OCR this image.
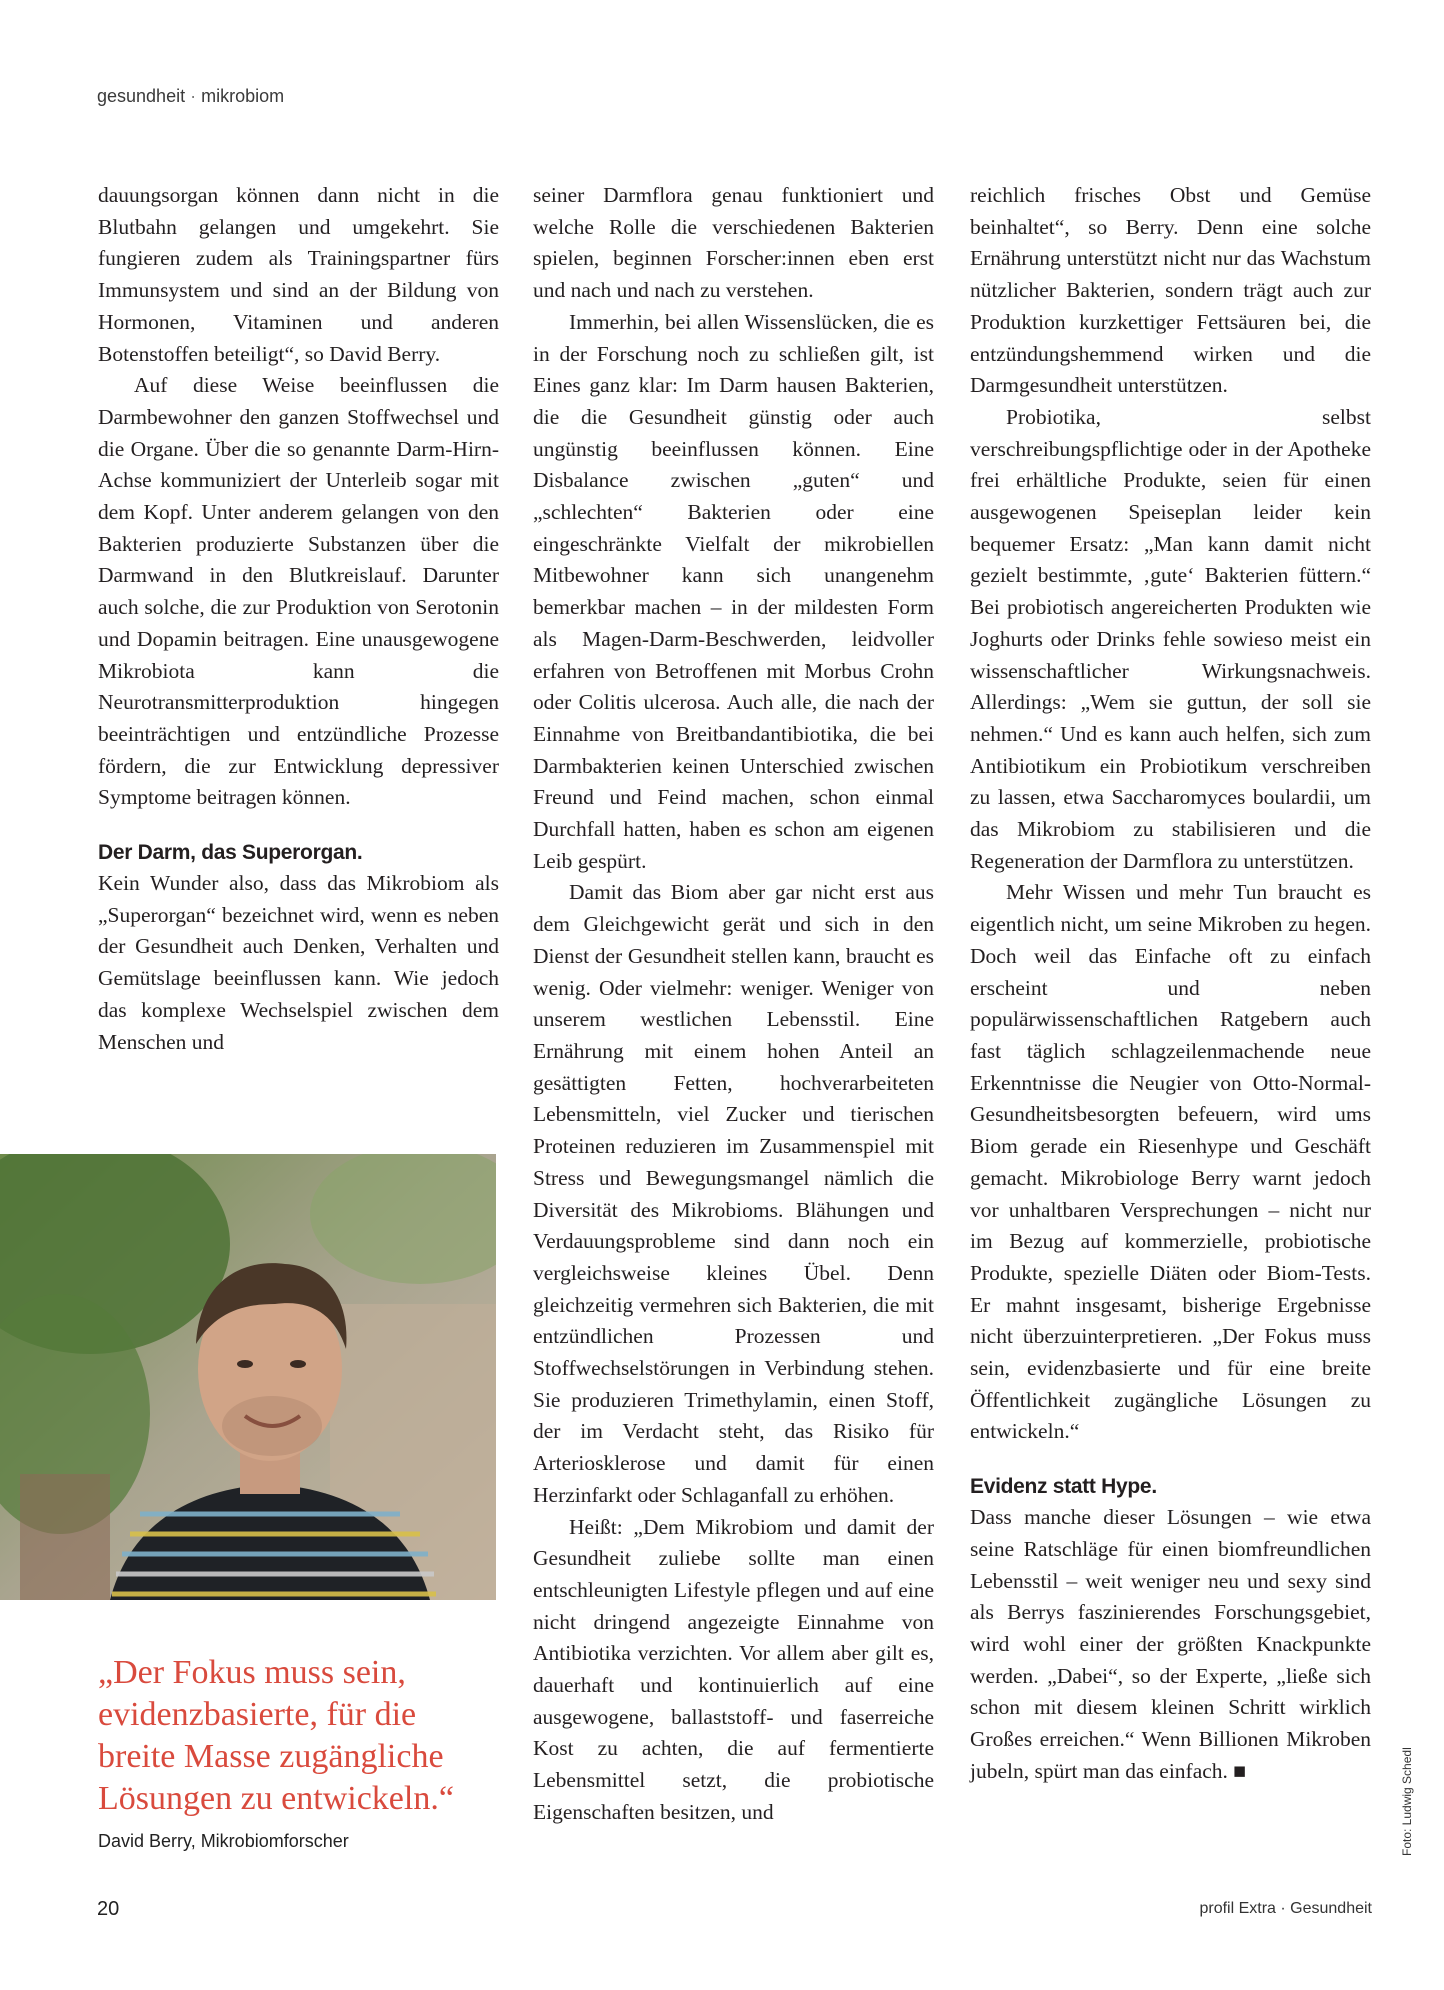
gesundheit · mikrobiom

dauungsorgan können dann nicht in die Blutbahn gelangen und umgekehrt. Sie fungieren zudem als Trainingspartner fürs Immunsystem und sind an der Bildung von Hormonen, Vitaminen und anderen Botenstoffen beteiligt“, so David Berry.

Auf diese Weise beeinflussen die Darmbewohner den ganzen Stoffwechsel und die Organe. Über die so genannte Darm-Hirn-Achse kommuniziert der Unterleib sogar mit dem Kopf. Unter anderem gelangen von den Bakterien produzierte Substanzen über die Darmwand in den Blutkreislauf. Darunter auch solche, die zur Produktion von Serotonin und Dopamin beitragen. Eine unausgewogene Mikrobiota kann die Neurotransmitterproduktion hingegen beeinträchtigen und entzündliche Prozesse fördern, die zur Entwicklung depressiver Symptome beitragen können.

Der Darm, das Superorgan.

Kein Wunder also, dass das Mikrobiom als „Superorgan“ bezeichnet wird, wenn es neben der Gesundheit auch Denken, Verhalten und Gemütslage beeinflussen kann. Wie jedoch das komplexe Wechselspiel zwischen dem Menschen und

seiner Darmflora genau funktioniert und welche Rolle die verschiedenen Bakterien spielen, beginnen Forscher:innen eben erst und nach und nach zu verstehen.

Immerhin, bei allen Wissenslücken, die es in der Forschung noch zu schließen gilt, ist Eines ganz klar: Im Darm hausen Bakterien, die die Gesundheit günstig oder auch ungünstig beeinflussen können. Eine Disbalance zwischen „guten“ und „schlechten“ Bakterien oder eine eingeschränkte Vielfalt der mikrobiellen Mitbewohner kann sich unangenehm bemerkbar machen – in der mildesten Form als Magen-Darm-Beschwerden, leidvoller erfahren von Betroffenen mit Morbus Crohn oder Colitis ulcerosa. Auch alle, die nach der Einnahme von Breitbandantibiotika, die bei Darmbakterien keinen Unterschied zwischen Freund und Feind machen, schon einmal Durchfall hatten, haben es schon am eigenen Leib gespürt.

Damit das Biom aber gar nicht erst aus dem Gleichgewicht gerät und sich in den Dienst der Gesundheit stellen kann, braucht es wenig. Oder vielmehr: weniger. Weniger von unserem westlichen Lebensstil. Eine Ernährung mit einem hohen Anteil an gesättigten Fetten, hochverarbeiteten Lebensmitteln, viel Zucker und tierischen Proteinen reduzieren im Zusammenspiel mit Stress und Bewegungsmangel nämlich die Diversität des Mikrobioms. Blähungen und Verdauungsprobleme sind dann noch ein vergleichsweise kleines Übel. Denn gleichzeitig vermehren sich Bakterien, die mit entzündlichen Prozessen und Stoffwechselstörungen in Verbindung stehen. Sie produzieren Trimethylamin, einen Stoff, der im Verdacht steht, das Risiko für Arteriosklerose und damit für einen Herzinfarkt oder Schlaganfall zu erhöhen.

Heißt: „Dem Mikrobiom und damit der Gesundheit zuliebe sollte man einen entschleunigten Lifestyle pflegen und auf eine nicht dringend angezeigte Einnahme von Antibiotika verzichten. Vor allem aber gilt es, dauerhaft und kontinuierlich auf eine ausgewogene, ballaststoff- und faserreiche Kost zu achten, die auf fermentierte Lebensmittel setzt, die probiotische Eigenschaften besitzen, und

reichlich frisches Obst und Gemüse beinhaltet“, so Berry. Denn eine solche Ernährung unterstützt nicht nur das Wachstum nützlicher Bakterien, sondern trägt auch zur Produktion kurzkettiger Fettsäuren bei, die entzündungshemmend wirken und die Darmgesundheit unterstützen.

Probiotika, selbst verschreibungspflichtige oder in der Apotheke frei erhältliche Produkte, seien für einen ausgewogenen Speiseplan leider kein bequemer Ersatz: „Man kann damit nicht gezielt bestimmte, ‚gute‘ Bakterien füttern.“ Bei probiotisch angereicherten Produkten wie Joghurts oder Drinks fehle sowieso meist ein wissenschaftlicher Wirkungsnachweis. Allerdings: „Wem sie guttun, der soll sie nehmen.“ Und es kann auch helfen, sich zum Antibiotikum ein Probiotikum verschreiben zu lassen, etwa Saccharomyces boulardii, um das Mikrobiom zu stabilisieren und die Regeneration der Darmflora zu unterstützen.

Mehr Wissen und mehr Tun braucht es eigentlich nicht, um seine Mikroben zu hegen. Doch weil das Einfache oft zu einfach erscheint und neben populärwissenschaftlichen Ratgebern auch fast täglich schlagzeilenmachende neue Erkenntnisse die Neugier von Otto-Normal-Gesundheitsbesorgten befeuern, wird ums Biom gerade ein Riesenhype und Geschäft gemacht. Mikrobiologe Berry warnt jedoch vor unhaltbaren Versprechungen – nicht nur im Bezug auf kommerzielle, probiotische Produkte, spezielle Diäten oder Biom-Tests. Er mahnt insgesamt, bisherige Ergebnisse nicht überzuinterpretieren. „Der Fokus muss sein, evidenzbasierte und für eine breite Öffentlichkeit zugängliche Lösungen zu entwickeln.“

Evidenz statt Hype.

Dass manche dieser Lösungen – wie etwa seine Ratschläge für einen biomfreundlichen Lebensstil – weit weniger neu und sexy sind als Berrys faszinierendes Forschungsgebiet, wird wohl einer der größten Knackpunkte werden. „Dabei“, so der Experte, „ließe sich schon mit diesem kleinen Schritt wirklich Großes erreichen.“ Wenn Billionen Mikroben jubeln, spürt man das einfach. ■

„Der Fokus muss sein, evidenzbasierte, für die breite Masse zugängliche Lösungen zu entwickeln.“
David Berry, Mikrobiomforscher	Foto: Ludwig Schedl
20	profil Extra · Gesundheit
